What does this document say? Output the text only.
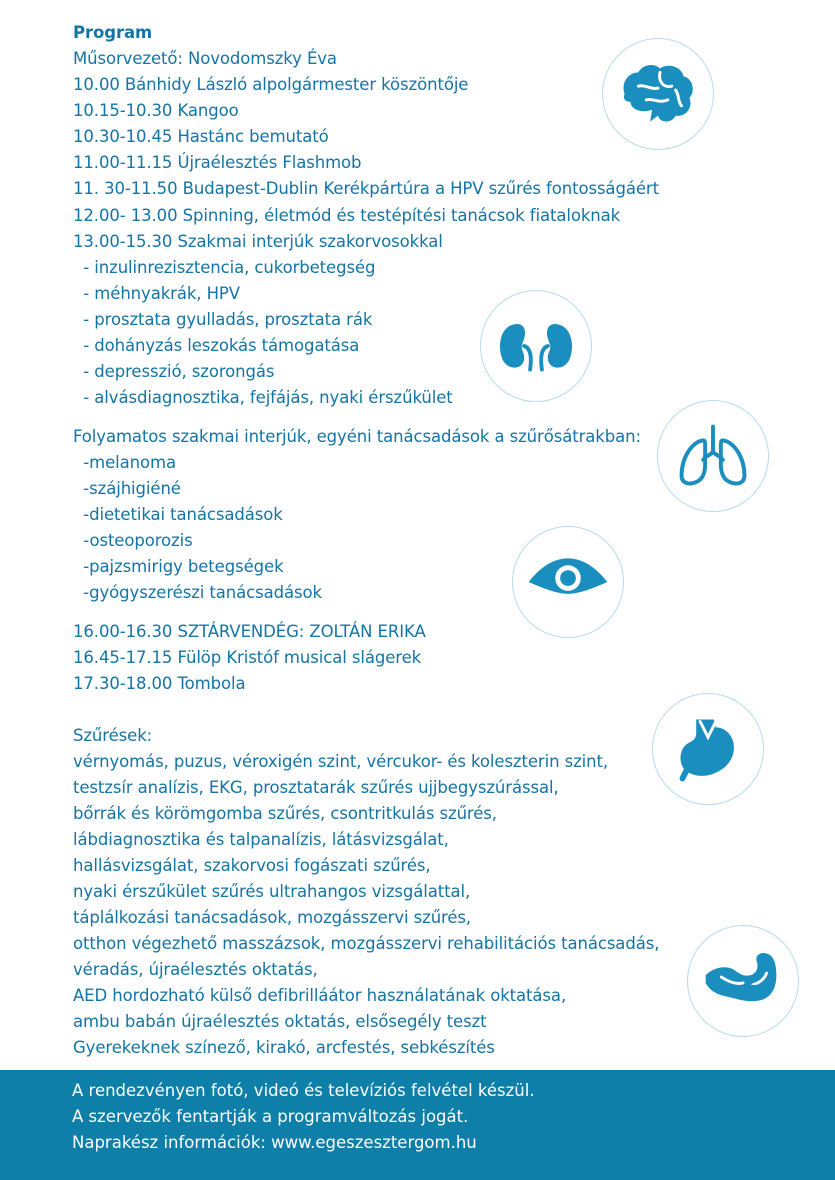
Program
Műsorvezető: Novodomszky Éva
10.00 Bánhidy László alpolgármester köszöntője
10.15-10.30 Kangoo
10.30-10.45 Hastánc bemutató
11.00-11.15 Újraélesztés Flashmob
11. 30-11.50 Budapest-Dublin Kerékpártúra a HPV szűrés fontosságáért
12.00- 13.00 Spinning, életmód és testépítési tanácsok fiataloknak
13.00-15.30 Szakmai interjúk szakorvosokkal
- inzulinrezisztencia, cukorbetegség
- méhnyakrák, HPV
- prosztata gyulladás, prosztata rák
- dohányzás leszokás támogatása
- depresszió, szorongás
- alvásdiagnosztika, fejfájás, nyaki érszűkület
Folyamatos szakmai interjúk, egyéni tanácsadások a szűrősátrakban:
-melanoma
-szájhigiéné
-dietetikai tanácsadások
-osteoporozis
-pajzsmirigy betegségek
-gyógyszerészi tanácsadások
16.00-16.30 SZTÁRVENDÉG: ZOLTÁN ERIKA
16.45-17.15 Fülöp Kristóf musical slágerek
17.30-18.00 Tombola
Szűrések:
vérnyomás, puzus, véroxigén szint, vércukor- és koleszterin szint,
testzsír analízis, EKG, prosztatarák szűrés ujjbegyszúrással,
bőrrák és körömgomba szűrés, csontritkulás szűrés,
lábdiagnosztika és talpanalízis, látásvizsgálat,
hallásvizsgálat, szakorvosi fogászati szűrés,
nyaki érszűkület szűrés ultrahangos vizsgálattal,
táplálkozási tanácsadások, mozgásszervi szűrés,
otthon végezhető masszázsok, mozgásszervi rehabilitációs tanácsadás,
véradás, újraélesztés oktatás,
AED hordozható külső defibrilláátor használatának oktatása,
ambu babán újraélesztés oktatás, elsősegély teszt
Gyerekeknek színező, kirakó, arcfestés, sebkészítés
A rendezvényen fotó, videó és televíziós felvétel készül.
A szervezők fentartják a programváltozás jogát.
Naprakész információk: www.egeszesztergom.hu
